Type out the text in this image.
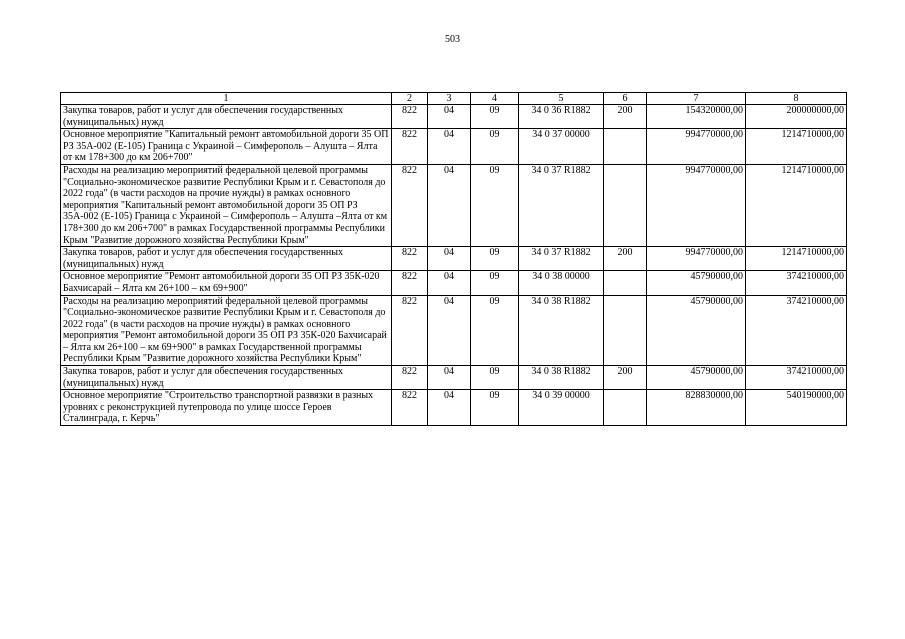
503
1	2	3	4	5	6	7	8
Закупка товаров, работ и услуг для обеспечения государственных (муниципальных) нужд	822	04	09	34 0 36 R1882	200	154320000,00	200000000,00
Основное мероприятие "Капитальный ремонт автомобильной дороги 35 ОП РЗ 35А-002 (Е-105) Граница с Украиной – Симферополь – Алушта – Ялта от км 178+300 до км 206+700"	822	04	09	34 0 37 00000		994770000,00	1214710000,00
Расходы на реализацию мероприятий федеральной целевой программы "Социально-экономическое развитие Республики Крым и г. Севастополя до 2022 года" (в части расходов на прочие нужды) в рамках основного мероприятия "Капитальный ремонт автомобильной дороги 35 ОП РЗ 35А-002 (Е-105) Граница с Украиной – Симферополь – Алушта –Ялта от км 178+300 до км 206+700" в рамках Государственной программы Республики Крым "Развитие дорожного хозяйства Республики Крым"	822	04	09	34 0 37 R1882		994770000,00	1214710000,00
Закупка товаров, работ и услуг для обеспечения государственных (муниципальных) нужд	822	04	09	34 0 37 R1882	200	994770000,00	1214710000,00
Основное мероприятие "Ремонт автомобильной дороги 35 ОП РЗ 35К-020 Бахчисарай – Ялта км 26+100 – км 69+900"	822	04	09	34 0 38 00000		45790000,00	374210000,00
Расходы на реализацию мероприятий федеральной целевой программы "Социально-экономическое развитие Республики Крым и г. Севастополя до 2022 года" (в части расходов на прочие нужды) в рамках основного мероприятия "Ремонт автомобильной дороги 35 ОП РЗ 35К-020 Бахчисарай – Ялта км 26+100 – км 69+900" в рамках Государственной программы Республики Крым "Развитие дорожного хозяйства Республики Крым"	822	04	09	34 0 38 R1882		45790000,00	374210000,00
Закупка товаров, работ и услуг для обеспечения государственных (муниципальных) нужд	822	04	09	34 0 38 R1882	200	45790000,00	374210000,00
Основное мероприятие "Строительство транспортной развязки в разных уровнях с реконструкцией путепровода по улице шоссе Героев Сталинграда, г. Керчь"	822	04	09	34 0 39 00000		828830000,00	540190000,00
